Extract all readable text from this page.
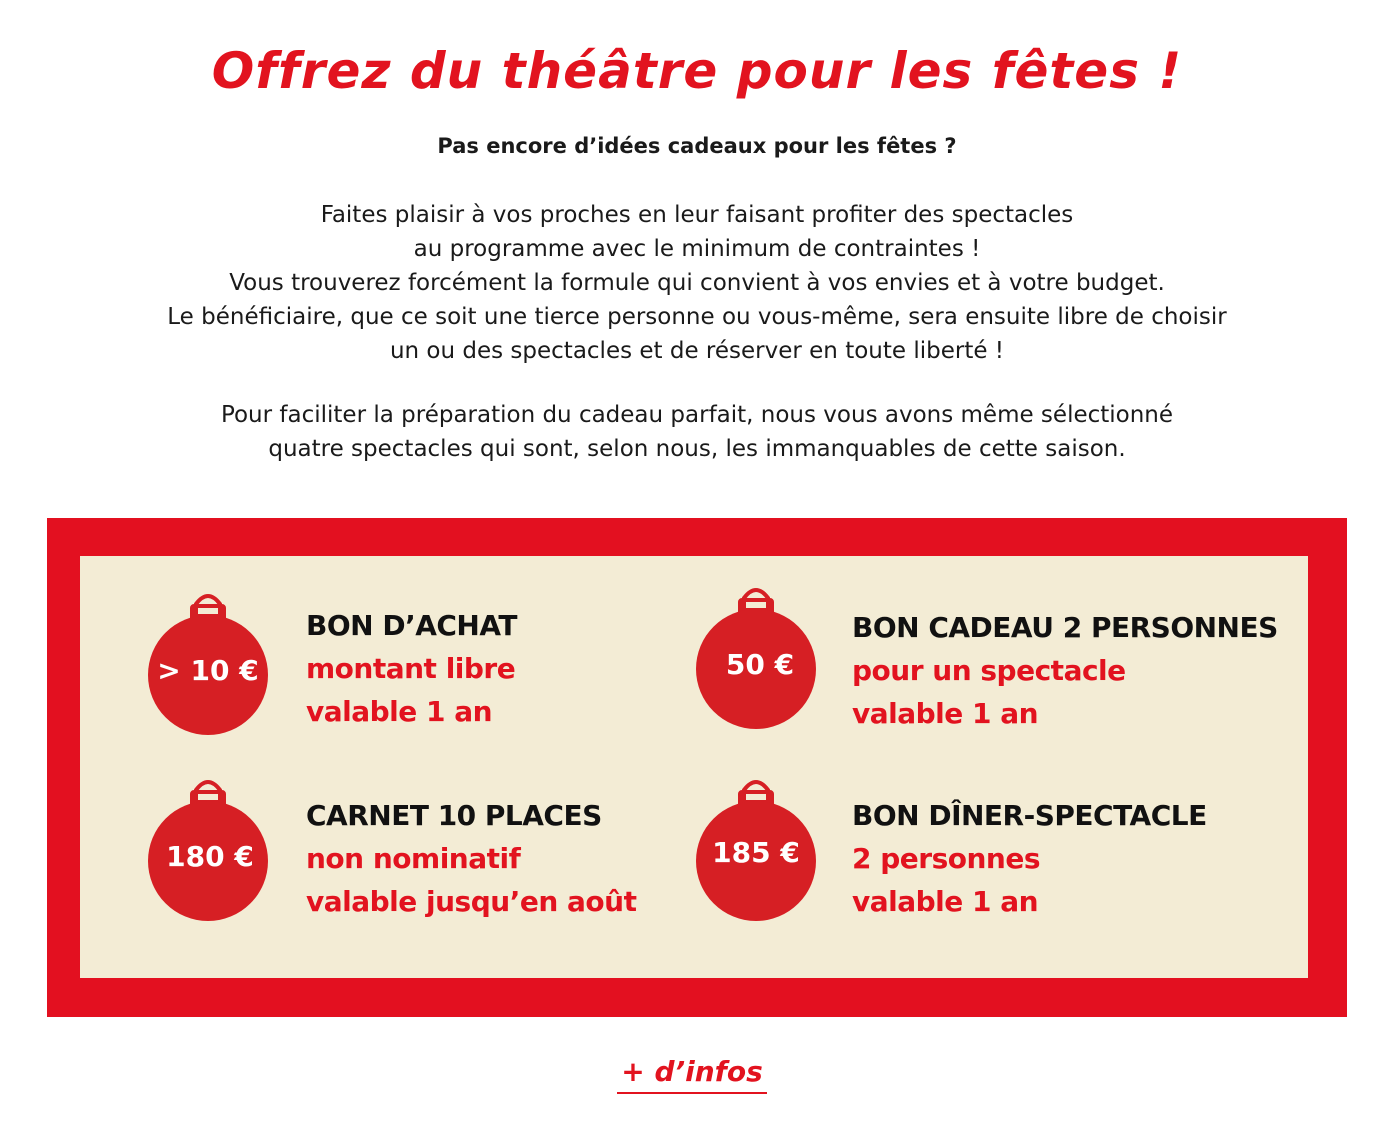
Offrez du théâtre pour les fêtes !
Pas encore d’idées cadeaux pour les fêtes ?
Faites plaisir à vos proches en leur faisant profiter des spectacles
au programme avec le minimum de contraintes !
Vous trouverez forcément la formule qui convient à vos envies et à votre budget.
Le bénéficiaire, que ce soit une tierce personne ou vous-même, sera ensuite libre de choisir
un ou des spectacles et de réserver en toute liberté !
Pour faciliter la préparation du cadeau parfait, nous vous avons même sélectionné
quatre spectacles qui sont, selon nous, les immanquables de cette saison.
> 10 €
BON D’ACHAT
montant libre
valable 1 an
50 €
BON CADEAU 2 PERSONNES
pour un spectacle
valable 1 an
180 €
CARNET 10 PLACES
non nominatif
valable jusqu’en août
185 €
BON DÎNER-SPECTACLE
2 personnes
valable 1 an
+ d’infos
